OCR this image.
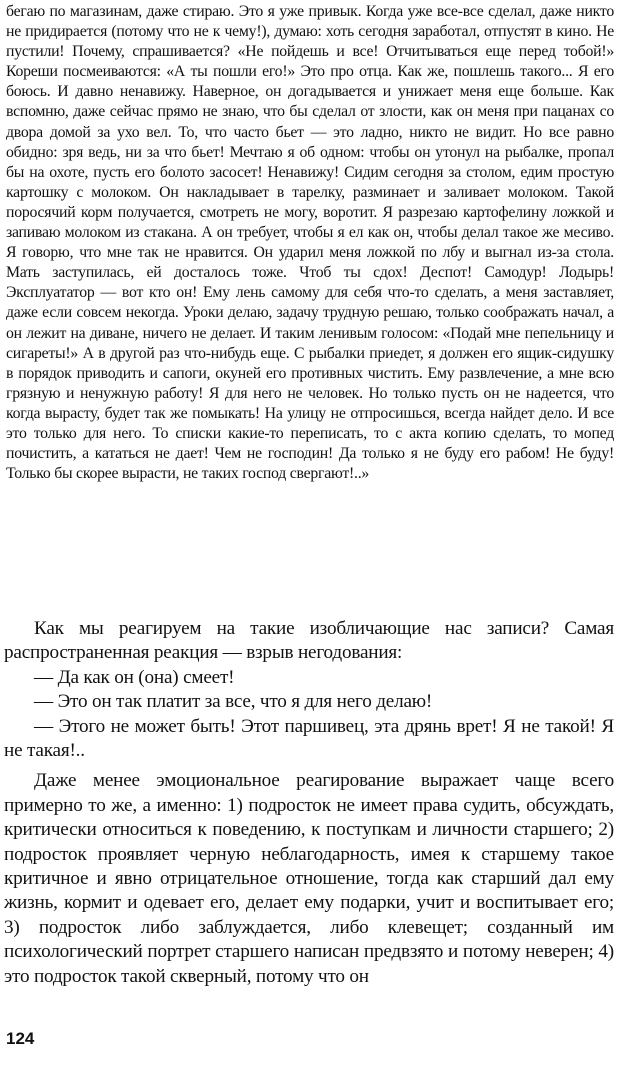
бегаю по магазинам, даже стираю. Это я уже привык. Когда уже все-все сделал, даже никто не придирается (потому что не к чему!), думаю: хоть сегодня заработал, отпустят в кино. Не пустили! Почему, спрашивается? «Не пойдешь и все! Отчитываться еще перед тобой!» Кореши посмеиваются: «А ты пошли его!» Это про отца. Как же, пошлешь такого... Я его боюсь. И давно ненавижу. Наверное, он догадывается и унижает меня еще больше. Как вспомню, даже сейчас прямо не знаю, что бы сделал от злости, как он меня при пацанах со двора домой за ухо вел. То, что часто бьет — это ладно, никто не видит. Но все равно обидно: зря ведь, ни за что бьет! Мечтаю я об одном: чтобы он утонул на рыбалке, пропал бы на охоте, пусть его болото засосет! Ненавижу! Сидим сегодня за столом, едим простую картошку с молоком. Он накладывает в тарелку, разминает и заливает молоком. Такой поросячий корм получается, смотреть не могу, воротит. Я разрезаю картофелину ложкой и запиваю молоком из стакана. А он требует, чтобы я ел как он, чтобы делал такое же месиво. Я говорю, что мне так не нравится. Он ударил меня ложкой по лбу и выгнал из-за стола. Мать заступилась, ей досталось тоже. Чтоб ты сдох! Деспот! Самодур! Лодырь! Эксплуататор — вот кто он! Ему лень самому для себя что-то сделать, а меня заставляет, даже если совсем некогда. Уроки делаю, задачу трудную решаю, только соображать начал, а он лежит на диване, ничего не делает. И таким ленивым голосом: «Подай мне пепельницу и сигареты!» А в другой раз что-нибудь еще. С рыбалки приедет, я должен его ящик-сидушку в порядок приводить и сапоги, окуней его противных чистить. Ему развлечение, а мне всю грязную и ненужную работу! Я для него не человек. Но только пусть он не надеется, что когда вырасту, будет так же помыкать! На улицу не отпросишься, всегда найдет дело. И все это только для него. То списки какие-то переписать, то с акта копию сделать, то мопед почистить, а кататься не дает! Чем не господин! Да только я не буду его рабом! Не буду! Только бы скорее вырасти, не таких господ свергают!..»

Как мы реагируем на такие изобличающие нас записи? Самая распространенная реакция — взрыв негодования:

— Да как он (она) смеет!

— Это он так платит за все, что я для него делаю!

— Этого не может быть! Этот паршивец, эта дрянь врет! Я не такой! Я не такая!..

Даже менее эмоциональное реагирование выражает чаще всего примерно то же, а именно: 1) подросток не имеет права судить, обсуждать, критически относиться к поведению, к поступкам и личности старшего; 2) подросток проявляет черную неблагодарность, имея к старшему такое критичное и явно отрицательное отношение, тогда как старший дал ему жизнь, кормит и одевает его, делает ему подарки, учит и воспитывает его; 3) подросток либо заблуждается, либо клевещет; созданный им психологический портрет старшего написан предвзято и потому неверен; 4) это подросток такой скверный, потому что он

124
